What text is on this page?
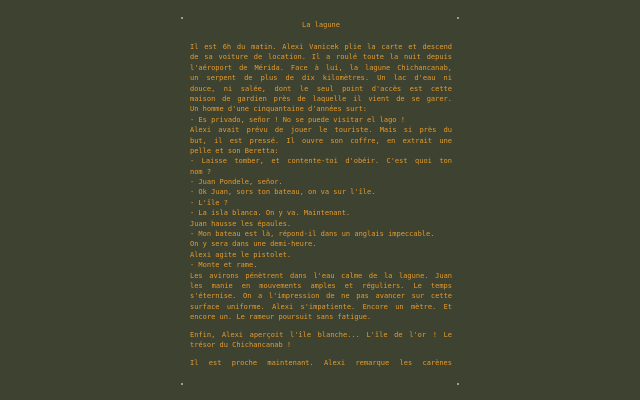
La lagune
Il est 6h du matin. Alexi Vanicek plie la carte et descend
de sa voiture de location. Il a roulé toute la nuit depuis
l'aéroport de Mérida. Face à lui, la lagune Chichancanab,
un serpent de plus de dix kilomètres. Un lac d'eau ni
douce, ni salée, dont le seul point d'accès est cette
maison de gardien près de laquelle il vient de se garer.
Un homme d'une cinquantaine d'années surt:
- Es privado, señor ! No se puede visitar el lago !
Alexi avait prévu de jouer le touriste. Mais si près du
but, il est pressé. Il ouvre son coffre, en extrait une
pelle et son Beretta:
- Laisse tomber, et contente-toi d'obéir. C'est quoi ton
nom ?
- Juan Pondele, señor.
- Ok Juan, sors ton bateau, on va sur l'île.
- L'île ?
- La isla blanca. On y va. Maintenant.
Juan hausse les épaules.
- Mon bateau est là, répond-il dans un anglais impeccable.
On y sera dans une demi-heure.
Alexi agite le pistolet.
- Monte et rame.
Les avirons pénètrent dans l'eau calme de la lagune. Juan
les manie en mouvements amples et réguliers. Le temps
s'éternise. On a l'impression de ne pas avancer sur cette
surface uniforme. Alexi s'impatiente. Encore un mètre. Et
encore un. Le rameur poursuit sans fatigue.
Enfin, Alexi aperçoit l'île blanche... L'île de l'or ! Le
trésor du Chichancanab !
Il est proche maintenant. Alexi remarque les carènes
